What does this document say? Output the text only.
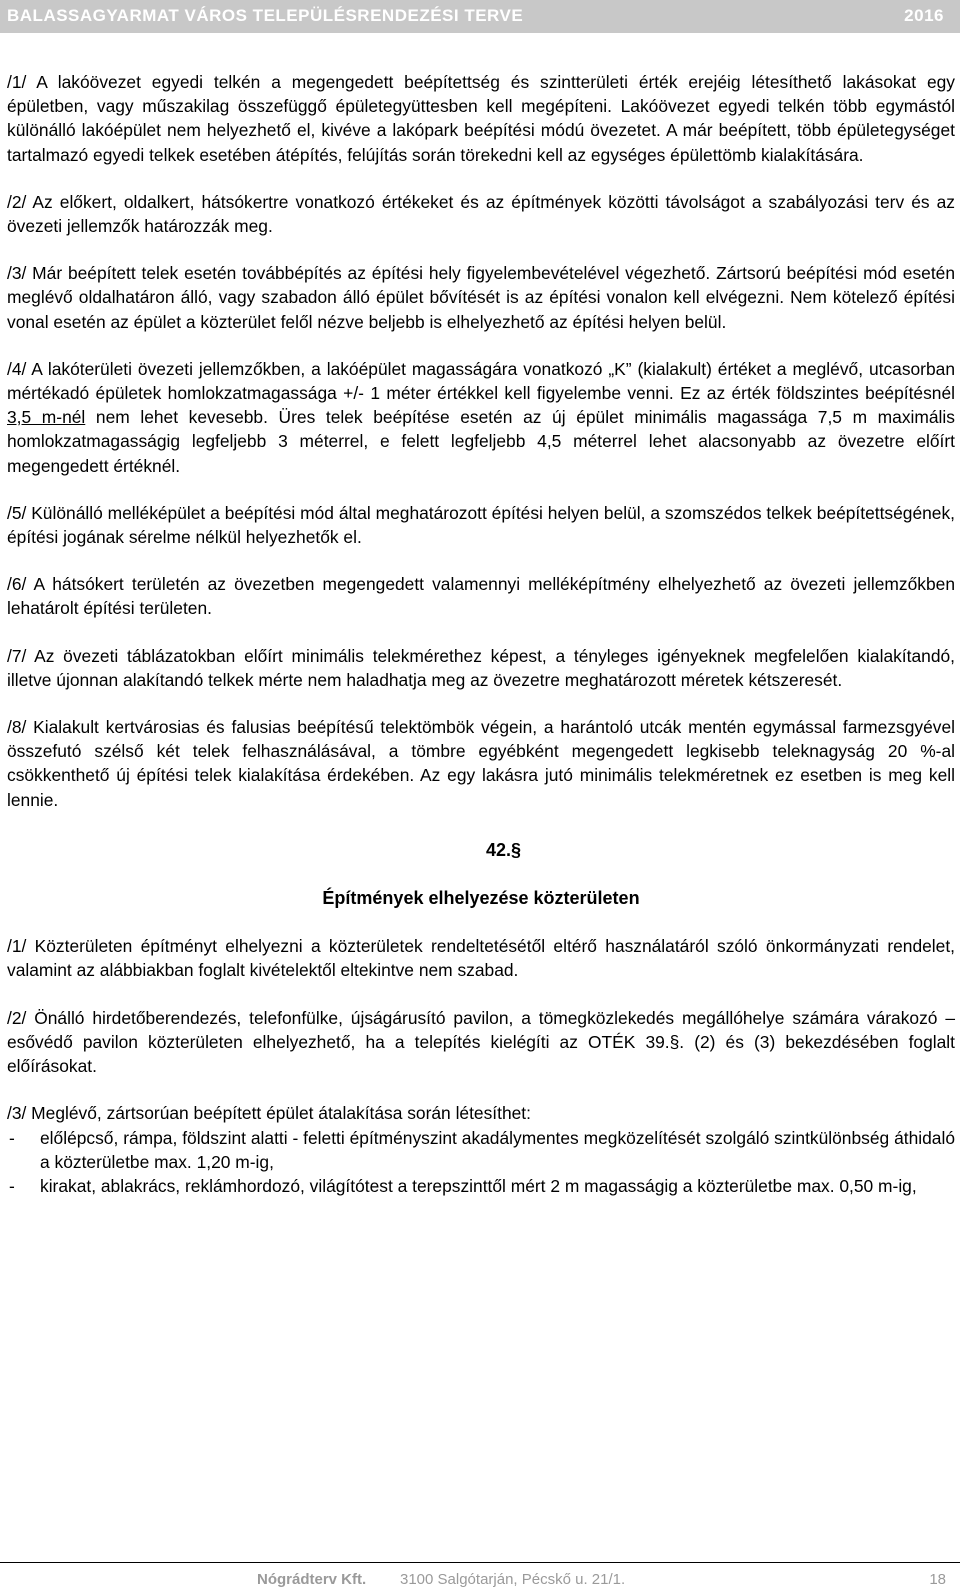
BALASSAGYARMAT VÁROS TELEPÜLÉSRENDEZÉSI TERVE	2016

/1/ A lakóövezet egyedi telkén a megengedett beépítettség és szintterületi érték erejéig létesíthető lakásokat egy épületben, vagy műszakilag összefüggő épületegyüttesben kell megépíteni. Lakóövezet egyedi telkén több egymástól különálló lakóépület nem helyezhető el, kivéve a lakópark beépítési módú övezetet. A már beépített, több épületegységet tartalmazó egyedi telkek esetében átépítés, felújítás során törekedni kell az egységes épülettömb kialakítására.

/2/ Az előkert, oldalkert, hátsókertre vonatkozó értékeket és az építmények közötti távolságot a szabályozási terv és az övezeti jellemzők határozzák meg.

/3/ Már beépített telek esetén továbbépítés az építési hely figyelembevételével végezhető. Zártsorú beépítési mód esetén meglévő oldalhatáron álló, vagy szabadon álló épület bővítését is az építési vonalon kell elvégezni. Nem kötelező építési vonal esetén az épület a közterület felől nézve beljebb is elhelyezhető az építési helyen belül.

/4/ A lakóterületi övezeti jellemzőkben, a lakóépület magasságára vonatkozó „K” (kialakult) értéket a meglévő, utcasorban mértékadó épületek homlokzatmagassága +/- 1 méter értékkel kell figyelembe venni. Ez az érték földszintes beépítésnél 3,5 m-nél nem lehet kevesebb. Üres telek beépítése esetén az új épület minimális magassága 7,5 m maximális homlokzatmagasságig legfeljebb 3 méterrel, e felett legfeljebb 4,5 méterrel lehet alacsonyabb az övezetre előírt megengedett értéknél.

/5/ Különálló melléképület a beépítési mód által meghatározott építési helyen belül, a szomszédos telkek beépítettségének, építési jogának sérelme nélkül helyezhetők el.

/6/ A hátsókert területén az övezetben megengedett valamennyi melléképítmény elhelyezhető az övezeti jellemzőkben lehatárolt építési területen.

/7/ Az övezeti táblázatokban előírt minimális telekmérethez képest, a tényleges igényeknek megfelelően kialakítandó, illetve újonnan alakítandó telkek mérte nem haladhatja meg az övezetre meghatározott méretek kétszeresét.

/8/ Kialakult kertvárosias és falusias beépítésű telektömbök végein, a harántoló utcák mentén egymással farmezsgyével összefutó szélső két telek felhasználásával, a tömbre egyébként megengedett legkisebb teleknagyság 20 %-al csökkenthető új építési telek kialakítása érdekében. Az egy lakásra jutó minimális telekméretnek ez esetben is meg kell lennie.

42.§
Építmények elhelyezése közterületen

/1/ Közterületen építményt elhelyezni a közterületek rendeltetésétől eltérő használatáról szóló önkormányzati rendelet, valamint az alábbiakban foglalt kivételektől eltekintve nem szabad.

/2/ Önálló hirdetőberendezés, telefonfülke, újságárusító pavilon, a tömegközlekedés megállóhelye számára várakozó – esővédő pavilon közterületen elhelyezhető, ha a telepítés kielégíti az OTÉK 39.§. (2) és (3) bekezdésében foglalt előírásokat.

/3/ Meglévő, zártsorúan beépített épület átalakítása során létesíthet:

- előlépcső, rámpa, földszint alatti - feletti építményszint akadálymentes megközelítését szolgáló szintkülönbség áthidaló a közterületbe max. 1,20 m-ig,
- kirakat, ablakrács, reklámhordozó, világítótest a terepszinttől mért 2 m magasságig a közterületbe max. 0,50 m-ig,
Nógrádterv Kft. 3100 Salgótarján, Pécskő u. 21/1.	18
